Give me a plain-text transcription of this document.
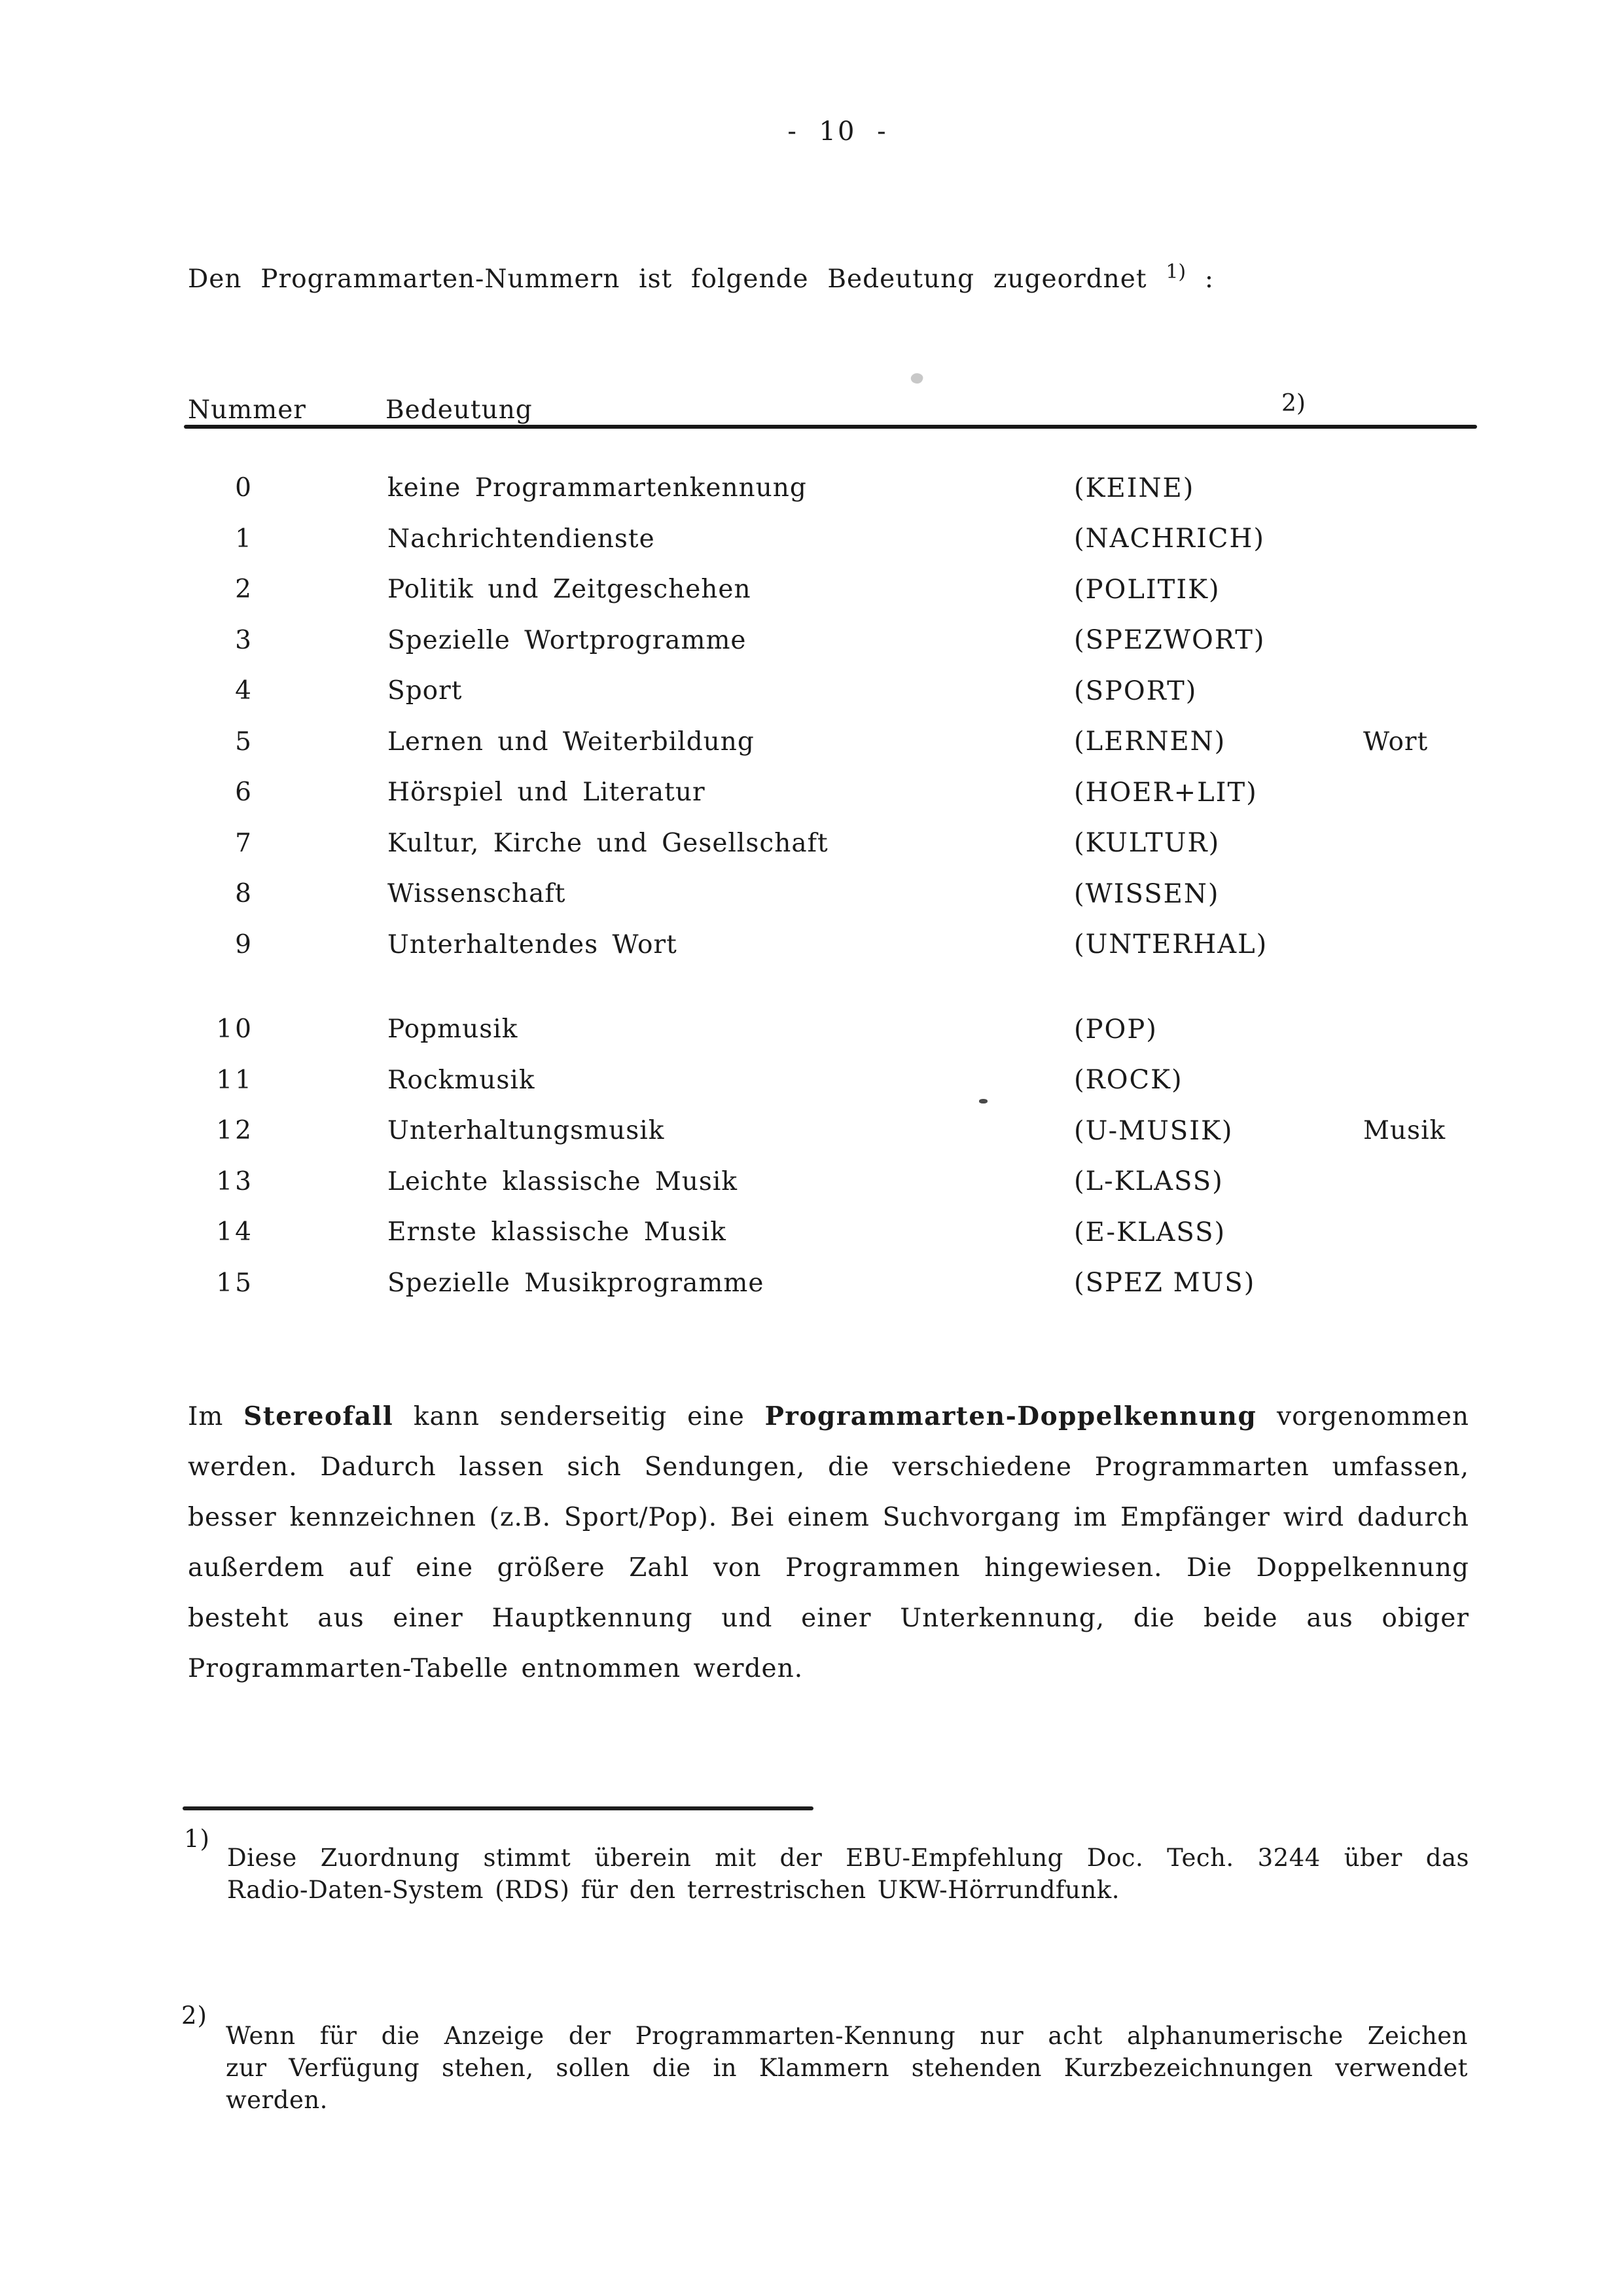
- 10 -
Den Programmarten-Nummern ist folgende Bedeutung zugeordnet $^{1)}$ :
Nummer	Bedeutung	2)
0	keine Programmartenkennung	(KEINE)
1	Nachrichtendienste	(NACHRICH)
2	Politik und Zeitgeschehen	(POLITIK)
3	Spezielle Wortprogramme	(SPEZWORT)
4	Sport	(SPORT)
5	Lernen und Weiterbildung	(LERNEN)	Wort
6	Hörspiel und Literatur	(HOER+LIT)
7	Kultur, Kirche und Gesellschaft	(KULTUR)
8	Wissenschaft	(WISSEN)
9	Unterhaltendes Wort	(UNTERHAL)
10	Popmusik	(POP)
11	Rockmusik	(ROCK)
12	Unterhaltungsmusik	(U-MUSIK)	Musik
13	Leichte klassische Musik	(L-KLASS)
14	Ernste klassische Musik	(E-KLASS)
15	Spezielle Musikprogramme	(SPEZ MUS)
Im Stereofall kann senderseitig eine Programmarten-Doppelkennung vorgenommen
werden. Dadurch lassen sich Sendungen, die verschiedene Programmarten umfassen,
besser kennzeichnen (z.B. Sport/Pop). Bei einem Suchvorgang im Empfänger wird dadurch
außerdem auf eine größere Zahl von Programmen hingewiesen. Die Doppelkennung
besteht aus einer Hauptkennung und einer Unterkennung, die beide aus obiger
Programmarten-Tabelle entnommen werden.
1)
Diese Zuordnung stimmt überein mit der EBU-Empfehlung Doc. Tech. 3244 über das
Radio-Daten-System (RDS) für den terrestrischen UKW-Hörrundfunk.
2)
Wenn für die Anzeige der Programmarten-Kennung nur acht alphanumerische Zeichen
zur Verfügung stehen, sollen die in Klammern stehenden Kurzbezeichnungen verwendet
werden.
